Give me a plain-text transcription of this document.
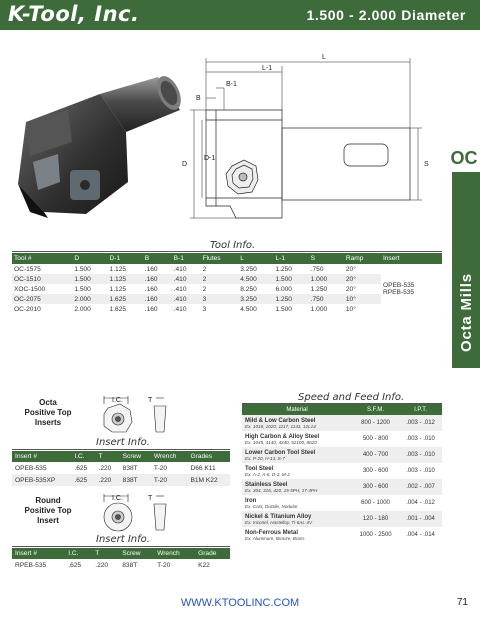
K-Tool, Inc.	1.500 - 2.000 Diameter
L
L-1
B-1
B
D
D-1
S OC
Octa Mills
Tool Info.
Tool #	D	D-1	B	B-1	Flutes	L	L-1	S	Ramp	Insert
OC-1575	1.500	1.125	.160	.410	2	3.250	1.250	.750	20°	OPEB-535
RPEB-535

OC-1510	1.500	1.125	.160	.410	2	4.500	1.500	1.000	20°	
XOC-1500	1.500	1.125	.160	.410	2	8.250	6.000	1.250	20°	
OC-2075	2.000	1.625	.160	.410	3	3.250	1.250	.750	10°	
OC-2010	2.000	1.625	.160	.410	3	4.500	1.500	1.000	10°	
Octa
Positive Top
Inserts
I.C.	T
Insert Info.
Insert #	I.C.	T	Screw	Wrench	Grades
OPEB-535	.625	.220	838T	T-20	D66 K11
OPEB-535XP	.625	.220	838T	T-20	B1M K22
Round
Positive Top
Insert
I.C.	T
Insert Info.
Insert #	I.C.	T	Screw	Wrench	Grade
RPEB-535	.625	.220	838T	T-20	K22
Speed and Feed Info.
Material	S.F.M.	I.P.T.

Mild & Low Carbon Steel
Ex. 1018, 1020, 1117, 1141, 12L14	800 - 1200	.003 - .012

High Carbon & Alloy Steel
Ex. 1045, 4140, 4340, 52100, 8620	500 - 800	.003 - .010

Lower Carbon Tool Steel
Ex. P-20, H-13, S-7	400 - 700	.003 - .010

Tool Steel
Ex. A-2, A-6, D-2, M-2	300 - 600	.003 - .010

Stainless Steel
Ex. 304, 316, 420, 15-5PH, 17-4PH	300 - 600	.002 - .007

Iron
Ex. Cast, Ductile, Nodular	600 - 1000	.004 - .012

Nickel & Titanium Alloy
Ex. Inconel, Hastelloy, Ti-6AL-4V	120 - 180	.001 - .004

Non-Ferrous Metal
Ex. Aluminum, Bronze, Brass	1000 - 2500	.004 - .014
WWW.KTOOLINC.COM	71
